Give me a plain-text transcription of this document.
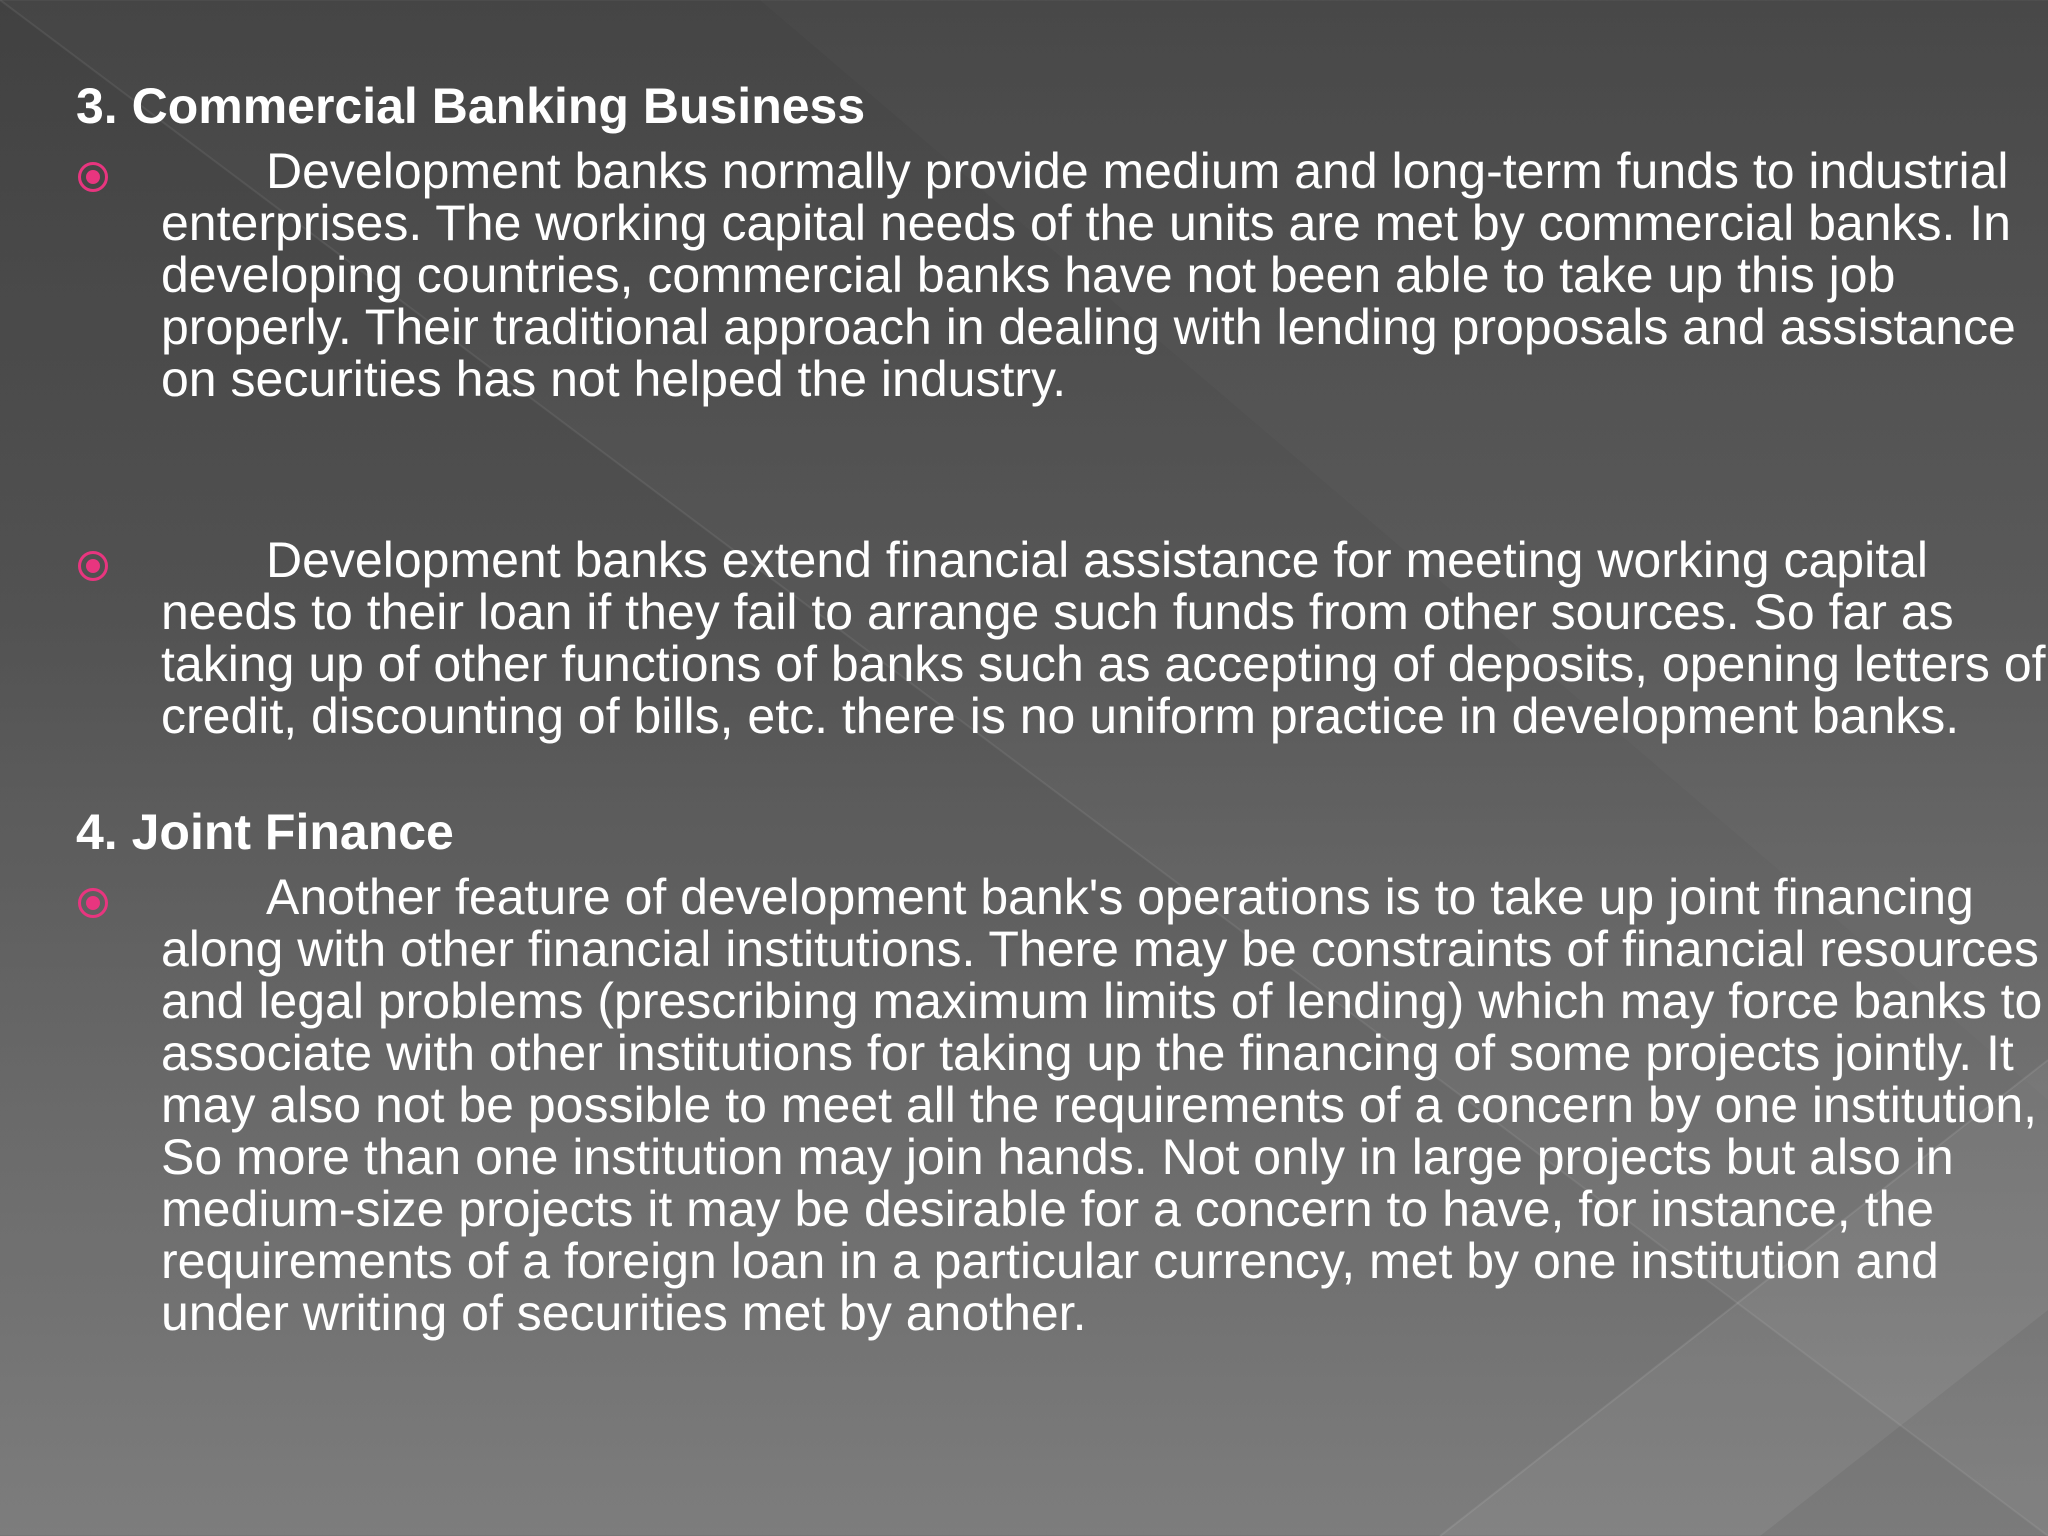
3. Commercial Banking Business

Development banks normally provide medium and long-term funds to industrial enterprises. The working capital needs of the units are met by commercial banks. In developing countries, commercial banks have not been able to take up this job properly. Their traditional approach in dealing with lending proposals and assistance on securities has not helped the industry.

Development banks extend financial assistance for meeting working capital needs to their loan if they fail to arrange such funds from other sources. So far as taking up of other functions of banks such as accepting of deposits, opening letters of credit, discounting of bills, etc. there is no uniform practice in development banks.

4. Joint Finance

Another feature of development bank's operations is to take up joint financing along with other financial institutions. There may be constraints of financial resources and legal problems (prescribing maximum limits of lending) which may force banks to associate with other institutions for taking up the financing of some projects jointly. It may also not be possible to meet all the requirements of a concern by one institution, So more than one institution may join hands. Not only in large projects but also in medium-size projects it may be desirable for a concern to have, for instance, the requirements of a foreign loan in a particular currency, met by one institution and under writing of securities met by another.
